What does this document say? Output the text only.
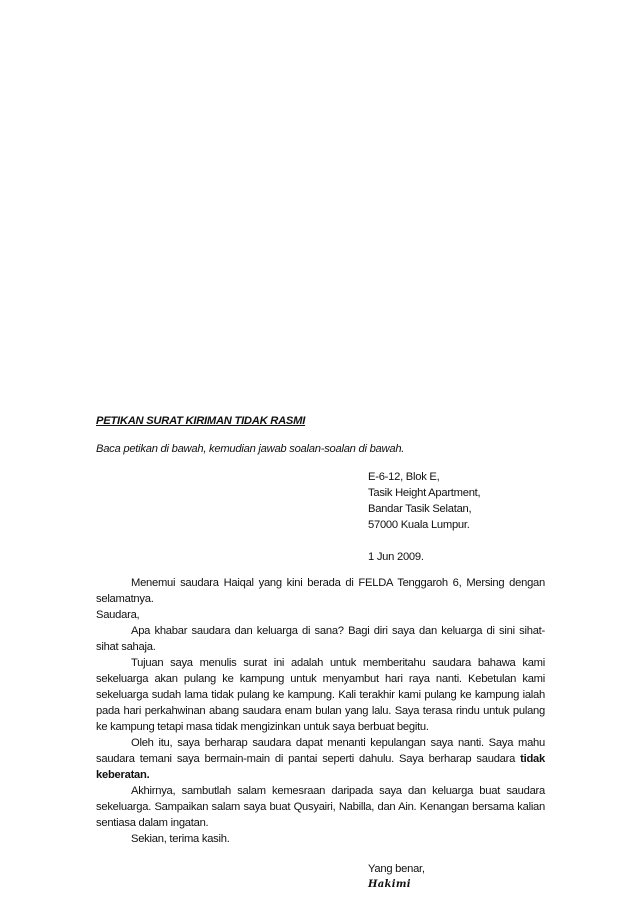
PETIKAN SURAT KIRIMAN TIDAK RASMI

Baca petikan di bawah, kemudian jawab soalan-soalan di bawah.

E-6-12, Blok E,
Tasik Height Apartment,
Bandar Tasik Selatan,
57000 Kuala Lumpur.
1 Jun 2009.

Menemui saudara Haiqal yang kini berada di FELDA Tenggaroh 6, Mersing dengan selamatnya.

Saudara,

Apa khabar saudara dan keluarga di sana? Bagi diri saya dan keluarga di sini sihat-sihat sahaja.

Tujuan saya menulis surat ini adalah untuk memberitahu saudara bahawa kami sekeluarga akan pulang ke kampung untuk menyambut hari raya nanti. Kebetulan kami sekeluarga sudah lama tidak pulang ke kampung. Kali terakhir kami pulang ke kampung ialah pada hari perkahwinan abang saudara enam bulan yang lalu. Saya terasa rindu untuk pulang ke kampung tetapi masa tidak mengizinkan untuk saya berbuat begitu.

Oleh itu, saya berharap saudara dapat menanti kepulangan saya nanti. Saya mahu saudara temani saya bermain-main di pantai seperti dahulu. Saya berharap saudara tidak keberatan.

Akhirnya, sambutlah salam kemesraan daripada saya dan keluarga buat saudara sekeluarga. Sampaikan salam saya buat Qusyairi, Nabilla, dan Ain. Kenangan bersama kalian sentiasa dalam ingatan.

Sekian, terima kasih.

Yang benar,
Hakimi
